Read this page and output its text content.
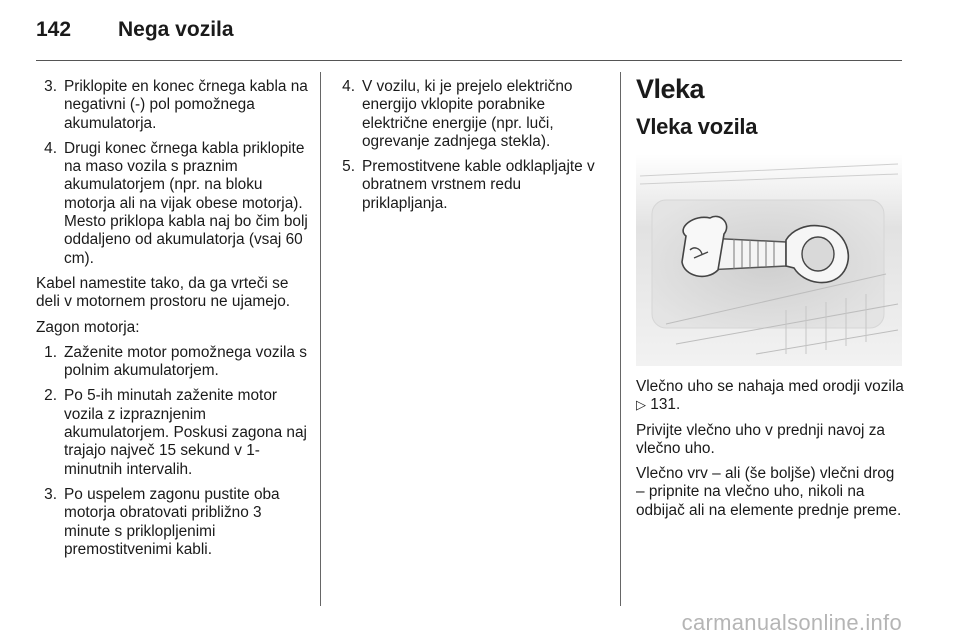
142	Nega vozila
3. Priklopite en konec črnega kabla na negativni (-) pol pomožnega akumulatorja.
4. Drugi konec črnega kabla priklopite na maso vozila s praznim akumulatorjem (npr. na bloku motorja ali na vijak obese motorja). Mesto priklopa kabla naj bo čim bolj oddaljeno od akumulatorja (vsaj 60 cm).

Kabel namestite tako, da ga vrteči se deli v motornem prostoru ne ujamejo.

Zagon motorja:

1. Zaženite motor pomožnega vozila s polnim akumulatorjem.
2. Po 5-ih minutah zaženite motor vozila z izpraznjenim akumulatorjem. Poskusi zagona naj trajajo največ 15 sekund v 1-minutnih intervalih.
3. Po uspelem zagonu pustite oba motorja obratovati približno 3 minute s priklopljenimi premostitvenimi kabli.
4. V vozilu, ki je prejelo električno energijo vklopite porabnike električne energije (npr. luči, ogrevanje zadnjega stekla).
5. Premostitvene kable odklapljajte v obratnem vrstnem redu priklapljanja.
Vleka
Vleka vozila

Vlečno uho se nahaja med orodji vozila ▷ 131.

Privijte vlečno uho v prednji navoj za vlečno uho.

Vlečno vrv – ali (še boljše) vlečni drog – pripnite na vlečno uho, nikoli na odbijač ali na elemente prednje preme.

carmanualsonline.info
